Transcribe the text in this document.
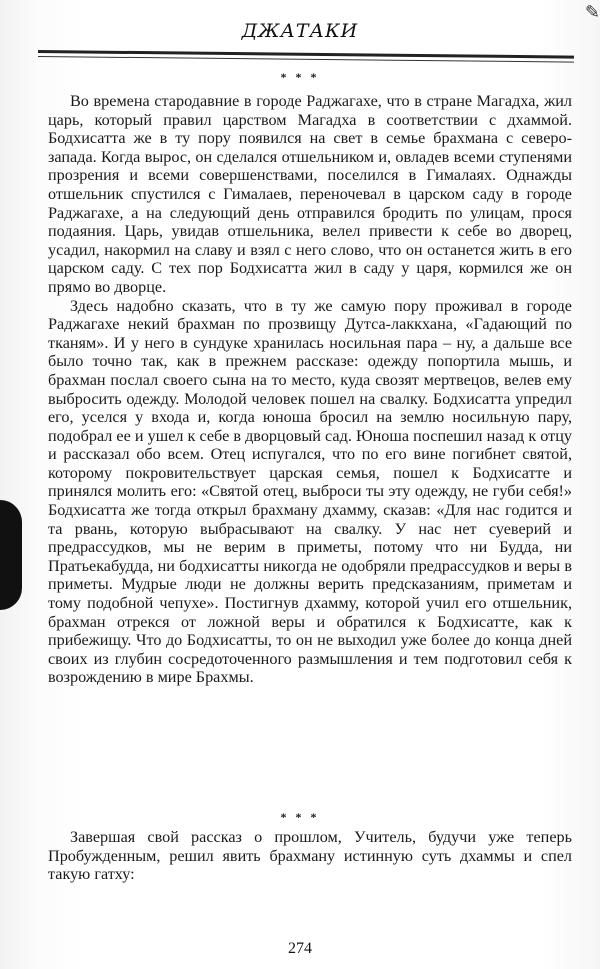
✎
ДЖАТАКИ
* * *

Во времена стародавние в городе Раджагахе, что в стране Магадха, жил царь, который правил царством Магадха в соответствии с дхаммой. Бодхисатта же в ту пору появился на свет в семье брахмана с северо-запада. Когда вырос, он сделался отшельником и, овладев всеми ступенями прозрения и всеми совершенствами, поселился в Гималаях. Однажды отшельник спустился с Гималаев, переночевал в царском саду в городе Раджагахе, а на следующий день отправился бродить по улицам, прося подаяния. Царь, увидав отшельника, велел привести к себе во дворец, усадил, накормил на славу и взял с него слово, что он останется жить в его царском саду. С тех пор Бодхисатта жил в саду у царя, кормился же он прямо во дворце.

Здесь надобно сказать, что в ту же самую пору проживал в городе Раджагахе некий брахман по прозвищу Дутса-лаккхана, «Гадающий по тканям». И у него в сундуке хранилась носильная пара – ну, а дальше все было точно так, как в прежнем рассказе: одежду попортила мышь, и брахман послал своего сына на то место, куда свозят мертвецов, велев ему выбросить одежду. Молодой человек пошел на свалку. Бодхисатта упредил его, уселся у входа и, когда юноша бросил на землю носильную пару, подобрал ее и ушел к себе в дворцовый сад. Юноша поспешил назад к отцу и рассказал обо всем. Отец испугался, что по его вине погибнет святой, которому покровительствует царская семья, пошел к Бодхисатте и принялся молить его: «Святой отец, выброси ты эту одежду, не губи себя!» Бодхисатта же тогда открыл брахману дхамму, сказав: «Для нас годится и та рвань, которую выбрасывают на свалку. У нас нет суеверий и предрассудков, мы не верим в приметы, потому что ни Будда, ни Пратьекабудда, ни бодхисатты никогда не одобряли предрассудков и веры в приметы. Мудрые люди не должны верить предсказаниям, приметам и тому подобной чепухе». Постигнув дхамму, которой учил его отшельник, брахман отрекся от ложной веры и обратился к Бодхисатте, как к прибежищу. Что до Бодхисатты, то он не выходил уже более до конца дней своих из глубин сосредоточенного размышления и тем подготовил себя к возрождению в мире Брахмы.

* * *

Завершая свой рассказ о прошлом, Учитель, будучи уже теперь Пробужденным, решил явить брахману истинную суть дхаммы и спел такую гатху:

274
